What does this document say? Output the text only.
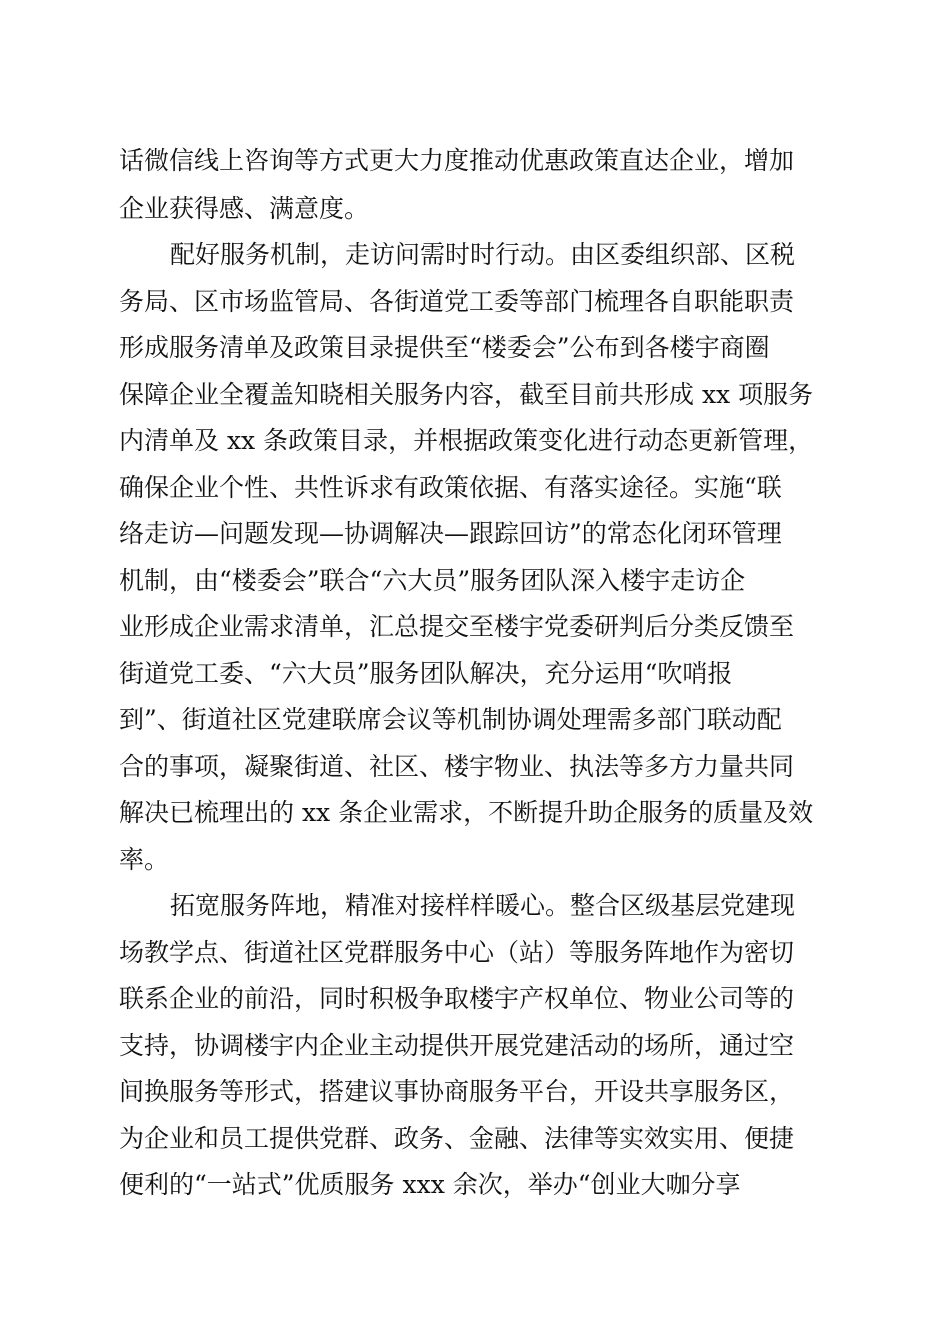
话微信线上咨询等方式更大力度推动优惠政策直达企业，增加
企业获得感、满意度。
配好服务机制，走访问需时时行动。由区委组织部、区税
务局、区市场监管局、各街道党工委等部门梳理各自职能职责
形成服务清单及政策目录提供至“楼委会”公布到各楼宇商圈
保障企业全覆盖知晓相关服务内容，截至目前共形成 xx 项服务
内清单及 xx 条政策目录，并根据政策变化进行动态更新管理，
确保企业个性、共性诉求有政策依据、有落实途径。实施“联
络走访—问题发现—协调解决—跟踪回访”的常态化闭环管理
机制，由“楼委会”联合“六大员”服务团队深入楼宇走访企
业形成企业需求清单，汇总提交至楼宇党委研判后分类反馈至
街道党工委、“六大员”服务团队解决，充分运用“吹哨报
到”、街道社区党建联席会议等机制协调处理需多部门联动配
合的事项，凝聚街道、社区、楼宇物业、执法等多方力量共同
解决已梳理出的 xx 条企业需求，不断提升助企服务的质量及效
率。
拓宽服务阵地，精准对接样样暖心。整合区级基层党建现
场教学点、街道社区党群服务中心（站）等服务阵地作为密切
联系企业的前沿，同时积极争取楼宇产权单位、物业公司等的
支持，协调楼宇内企业主动提供开展党建活动的场所，通过空
间换服务等形式，搭建议事协商服务平台，开设共享服务区，
为企业和员工提供党群、政务、金融、法律等实效实用、便捷
便利的“一站式”优质服务 xxx 余次，举办“创业大咖分享
